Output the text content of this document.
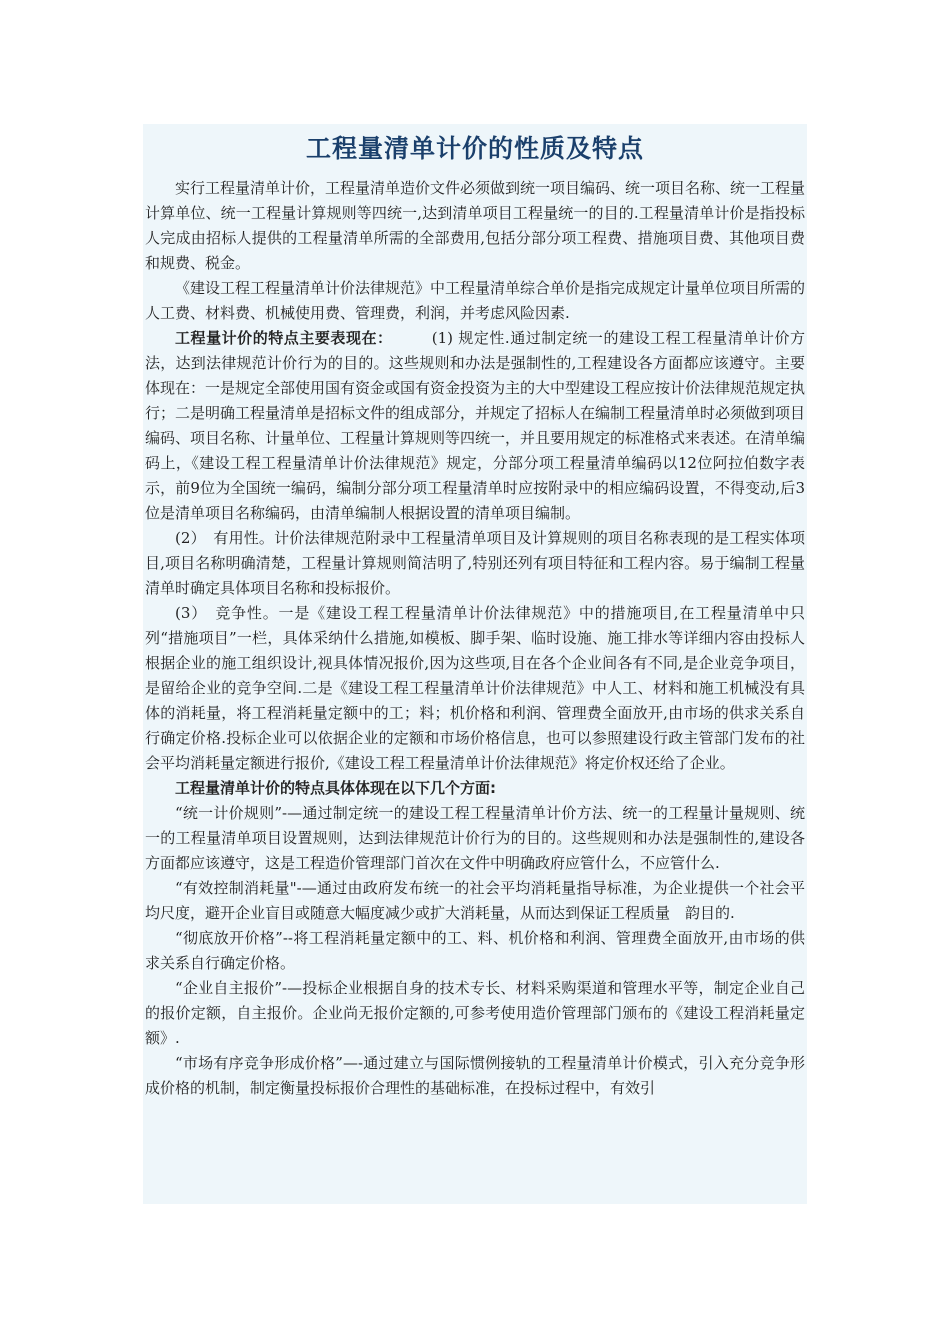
工程量清单计价的性质及特点

实行工程量清单计价，工程量清单造价文件必须做到统一项目编码、统一项目名称、统一工程量计算单位、统一工程量计算规则等四统一,达到清单项目工程量统一的目的.工程量清单计价是指投标人完成由招标人提供的工程量清单所需的全部费用,包括分部分项工程费、措施项目费、其他项目费和规费、税金。

《建设工程工程量清单计价法律规范》中工程量清单综合单价是指完成规定计量单位项目所需的人工费、材料费、机械使用费、管理费，利润，并考虑风险因素.

工程量计价的特点主要表现在：　　　	(1) 规定性.通过制定统一的建设工程工程量清单计价方法，达到法律规范计价行为的目的。这些规则和办法是强制性的,工程建设各方面都应该遵守。主要体现在：一是规定全部使用国有资金或国有资金投资为主的大中型建设工程应按计价法律规范规定执行；二是明确工程量清单是招标文件的组成部分，并规定了招标人在编制工程量清单时必须做到项目编码、项目名称、计量单位、工程量计算规则等四统一，并且要用规定的标准格式来表述。在清单编码上，《建设工程工程量清单计价法律规范》规定，分部分项工程量清单编码以12位阿拉伯数字表示，前9位为全国统一编码，编制分部分项工程量清单时应按附录中的相应编码设置，不得变动,后3位是清单项目名称编码，由清单编制人根据设置的清单项目编制。

(2）　有用性。计价法律规范附录中工程量清单项目及计算规则的项目名称表现的是工程实体项目,项目名称明确清楚，工程量计算规则简洁明了,特别还列有项目特征和工程内容。易于编制工程量清单时确定具体项目名称和投标报价。

(3）　竞争性。一是《建设工程工程量清单计价法律规范》中的措施项目,在工程量清单中只列“措施项目”一栏，具体采纳什么措施,如模板、脚手架、临时设施、施工排水等详细内容由投标人根据企业的施工组织设计,视具体情况报价,因为这些项,目在各个企业间各有不同,是企业竞争项目，是留给企业的竞争空间.二是《建设工程工程量清单计价法律规范》中人工、材料和施工机械没有具体的消耗量，将工程消耗量定额中的工；料；机价格和利润、管理费全面放开,由市场的供求关系自行确定价格.投标企业可以依据企业的定额和市场价格信息，也可以参照建设行政主管部门发布的社会平均消耗量定额进行报价,《建设工程工程量清单计价法律规范》将定价权还给了企业。

工程量清单计价的特点具体体现在以下几个方面:

“统一计价规则”-—通过制定统一的建设工程工程量清单计价方法、统一的工程量计量规则、统一的工程量清单项目设置规则，达到法律规范计价行为的目的。这些规则和办法是强制性的,建设各方面都应该遵守，这是工程造价管理部门首次在文件中明确政府应管什么，不应管什么.

“有效控制消耗量"-—通过由政府发布统一的社会平均消耗量指导标准，为企业提供一个社会平均尺度，避开企业盲目或随意大幅度减少或扩大消耗量，从而达到保证工程质量　韵目的.

“彻底放开价格”--将工程消耗量定额中的工、料、机价格和利润、管理费全面放开,由市场的供求关系自行确定价格。

“企业自主报价”-—投标企业根据自身的技术专长、材料采购渠道和管理水平等，制定企业自己的报价定额，自主报价。企业尚无报价定额的,可参考使用造价管理部门颁布的《建设工程消耗量定额》.

“市场有序竞争形成价格”—-通过建立与国际惯例接轨的工程量清单计价模式，引入充分竞争形成价格的机制，制定衡量投标报价合理性的基础标准，在投标过程中，有效引
